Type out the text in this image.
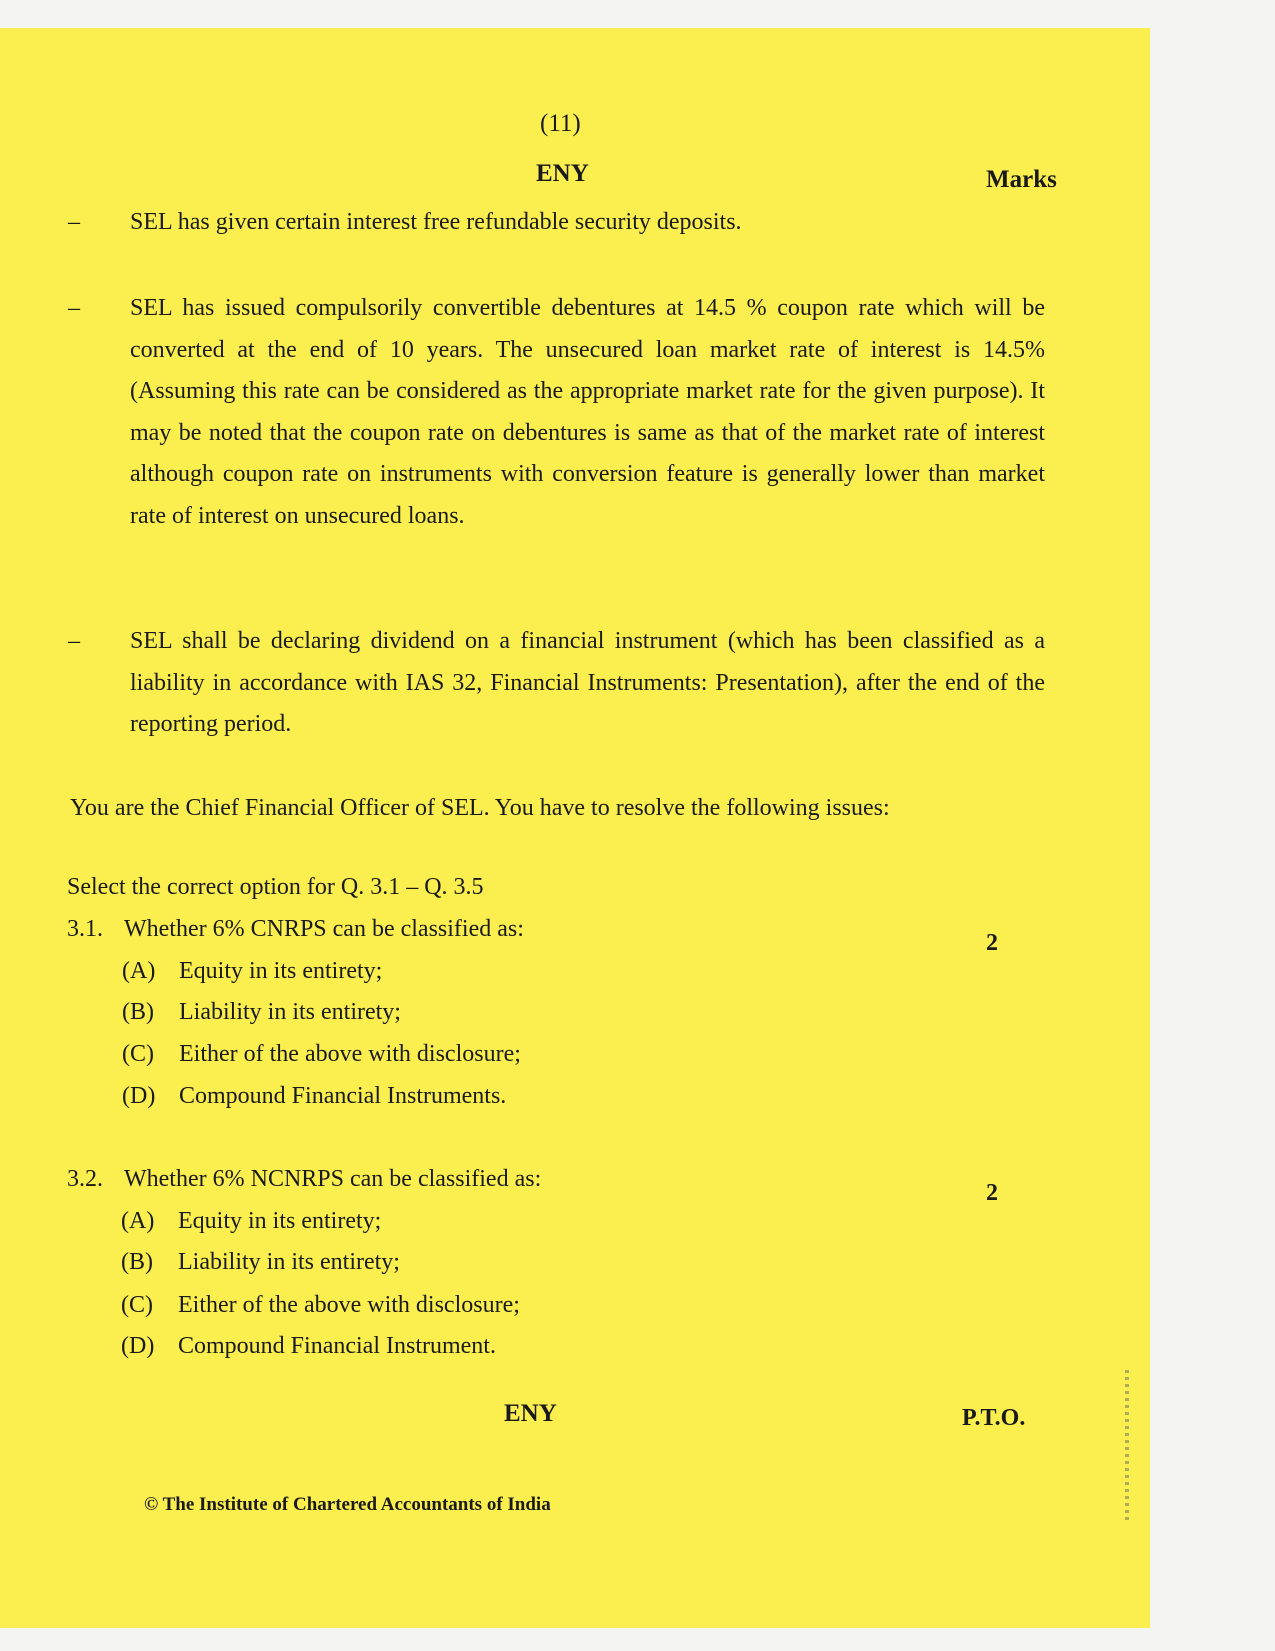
(11)
ENY	Marks
– SEL has given certain interest free refundable security deposits.
– SEL has issued compulsorily convertible debentures at 14.5 % coupon rate which will be converted at the end of 10 years. The unsecured loan market rate of interest is 14.5% (Assuming this rate can be considered as the appropriate market rate for the given purpose). It may be noted that the coupon rate on debentures is same as that of the market rate of interest although coupon rate on instruments with conversion feature is generally lower than market rate of interest on unsecured loans.
– SEL shall be declaring dividend on a financial instrument (which has been classified as a liability in accordance with IAS 32, Financial Instruments: Presentation), after the end of the reporting period.
You are the Chief Financial Officer of SEL. You have to resolve the following issues:
Select the correct option for Q. 3.1 – Q. 3.5
3.1. Whether 6% CNRPS can be classified as:
2
(A) Equity in its entirety;
(B) Liability in its entirety;
(C) Either of the above with disclosure;
(D) Compound Financial Instruments.
3.2. Whether 6% NCNRPS can be classified as:
2
(A) Equity in its entirety;
(B) Liability in its entirety;
(C) Either of the above with disclosure;
(D) Compound Financial Instrument.
ENY	P.T.O.
© The Institute of Chartered Accountants of India
